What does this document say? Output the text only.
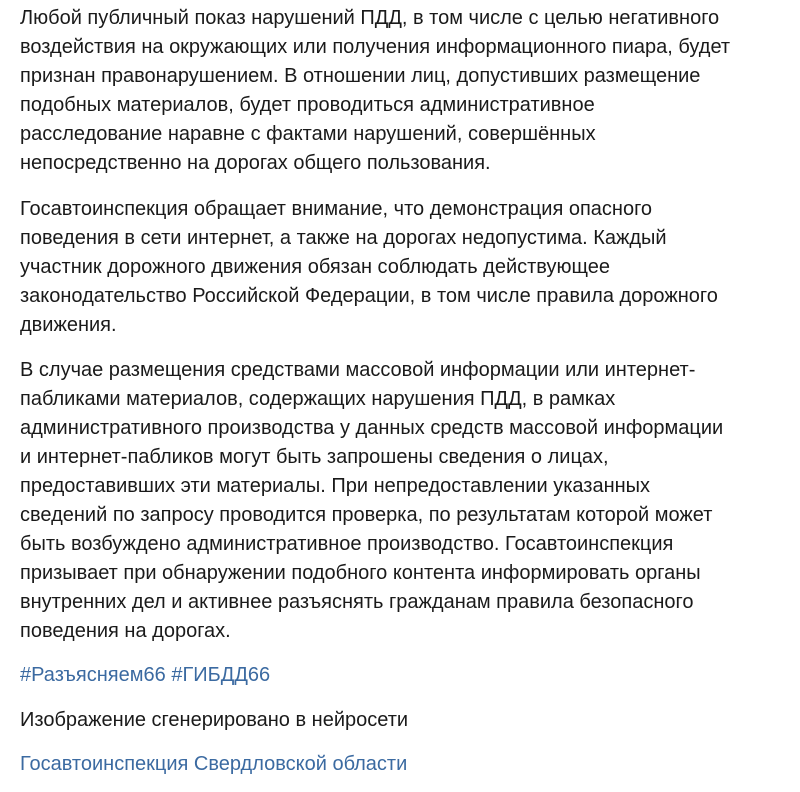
Любой публичный показ нарушений ПДД, в том числе с целью негативного
воздействия на окружающих или получения информационного пиара, будет
признан правонарушением. В отношении лиц, допустивших размещение
подобных материалов, будет проводиться административное
расследование наравне с фактами нарушений, совершённых
непосредственно на дорогах общего пользования.

Госавтоинспекция обращает внимание, что демонстрация опасного
поведения в сети интернет, а также на дорогах недопустима. Каждый
участник дорожного движения обязан соблюдать действующее
законодательство Российской Федерации, в том числе правила дорожного
движения.

В случае размещения средствами массовой информации или интернет-
пабликами материалов, содержащих нарушения ПДД, в рамках
административного производства у данных средств массовой информации
и интернет-пабликов могут быть запрошены сведения о лицах,
предоставивших эти материалы. При непредоставлении указанных
сведений по запросу проводится проверка, по результатам которой может
быть возбуждено административное производство. Госавтоинспекция
призывает при обнаружении подобного контента информировать органы
внутренних дел и активнее разъяснять гражданам правила безопасного
поведения на дорогах.

#Разъясняем66 #ГИБДД66
Изображение сгенерировано в нейросети
Госавтоинспекция Свердловской области
